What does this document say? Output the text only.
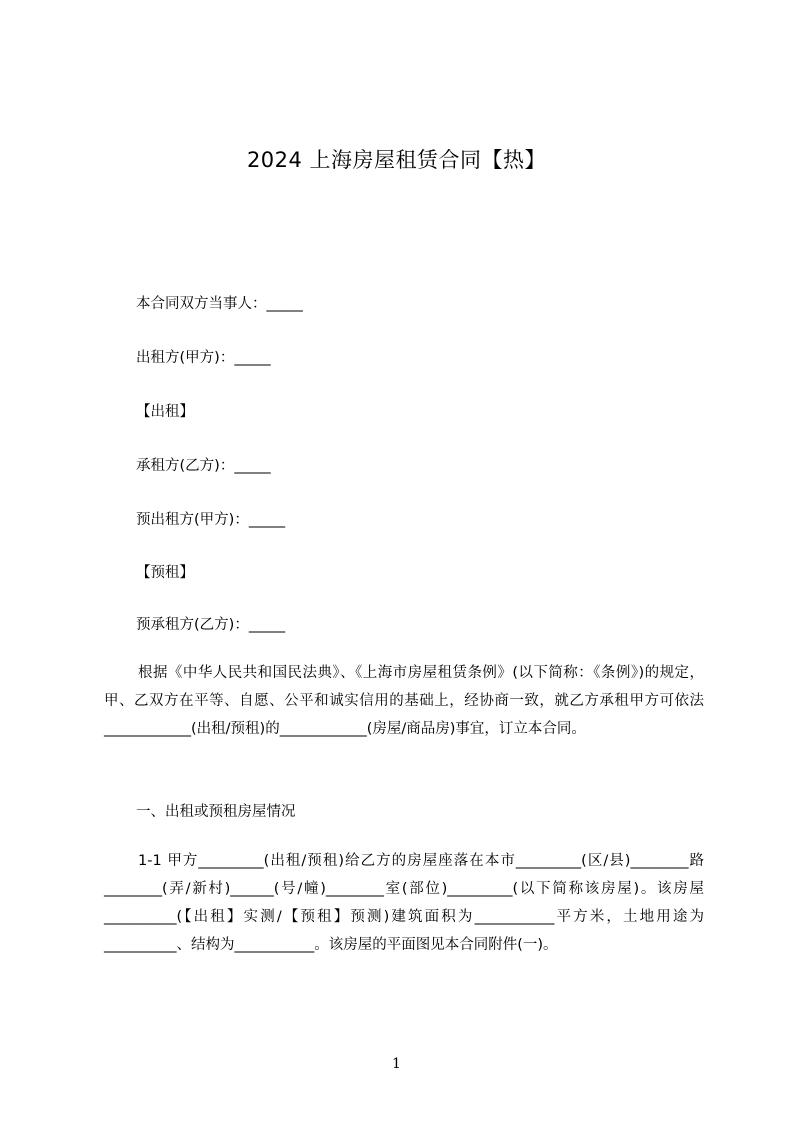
2024 上海房屋租赁合同【热】
本合同双方当事人：_____
出租方(甲方)：_____
【出租】
承租方(乙方)：_____
预出租方(甲方)：_____
【预租】
预承租方(乙方)：_____
根据《中华人民共和国民法典》、《上海市房屋租赁条例》(以下简称：《条例》)的规定，甲、乙双方在平等、自愿、公平和诚实信用的基础上，经协商一致，就乙方承租甲方可依法____________(出租/预租)的____________(房屋/商品房)事宜，订立本合同。
一、出租或预租房屋情况
1-1 甲方_________(出租/预租)给乙方的房屋座落在本市_________(区/县)________路________(弄/新村)______(号/幢)________室(部位)_________(以下简称该房屋)。该房屋__________(【出租】实测/【预租】预测)建筑面积为___________平方米，土地用途为__________、结构为___________。该房屋的平面图见本合同附件(一)。
1
